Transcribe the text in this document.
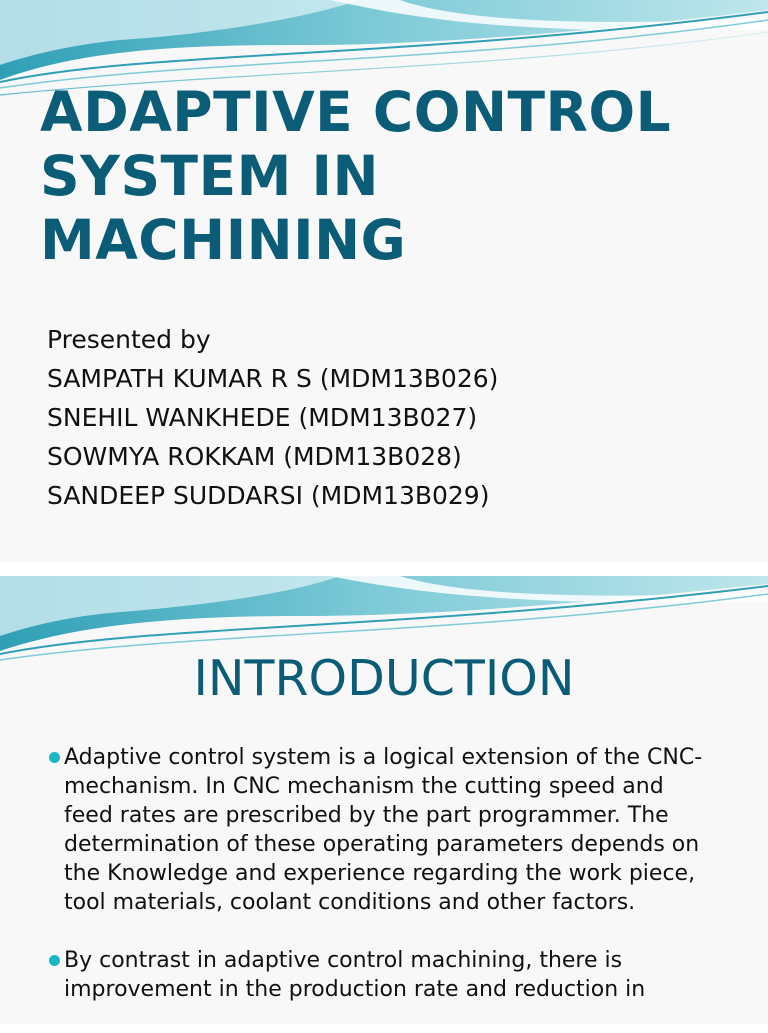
ADAPTIVE CONTROL
SYSTEM IN
MACHINING
Presented by
SAMPATH KUMAR R S (MDM13B026)
SNEHIL WANKHEDE (MDM13B027)
SOWMYA ROKKAM (MDM13B028)
SANDEEP SUDDARSI (MDM13B029)
INTRODUCTION
Adaptive control system is a logical extension of the CNC-mechanism. In CNC mechanism the cutting speed and feed rates are prescribed by the part programmer. The determination of these operating parameters depends on the Knowledge and experience regarding the work piece, tool materials, coolant conditions and other factors.
By contrast in adaptive control machining, there is improvement in the production rate and reduction in
